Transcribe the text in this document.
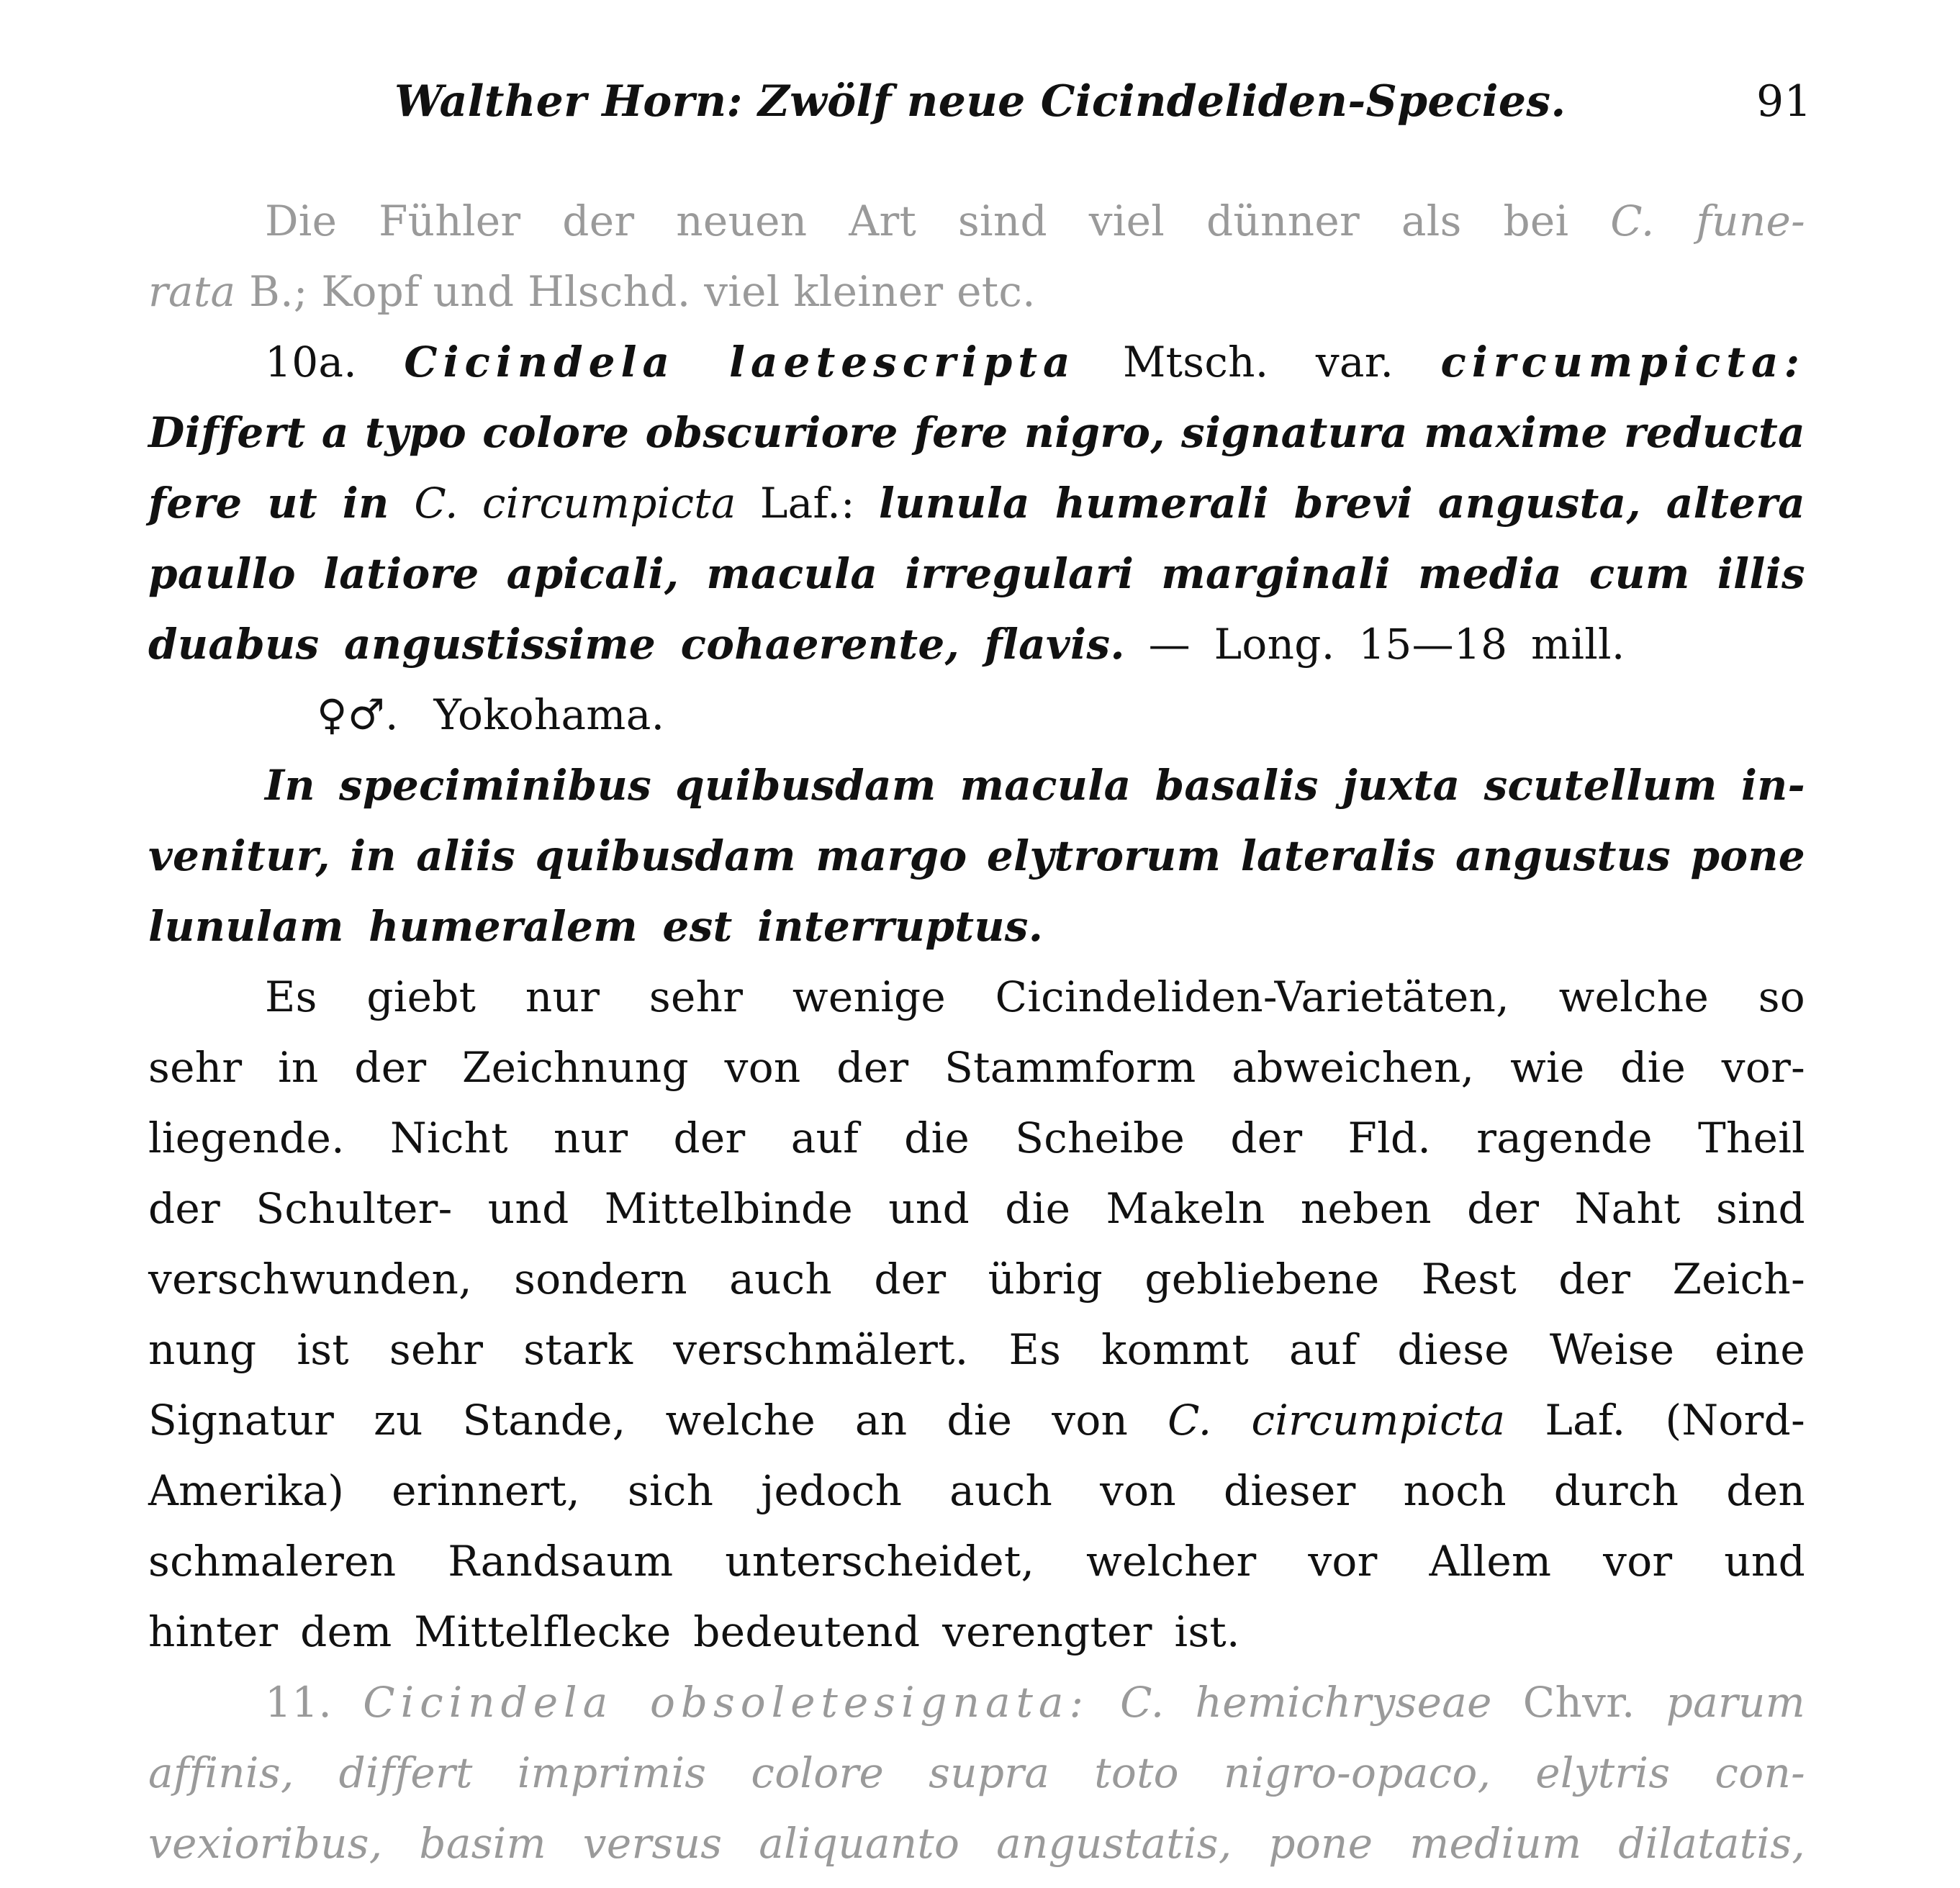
Walther Horn: Zwölf neue Cicindeliden-Species.	91
Die Fühler der neuen Art sind viel dünner als bei C. fune-
rata B.; Kopf und Hlschd. viel kleiner etc.
10a. Cicindela laetescripta Mtsch. var. circumpicta:
Differt a typo colore obscuriore fere nigro, signatura maxime reducta
fere ut in C. circumpicta Laf.: lunula humerali brevi angusta, altera
paullo latiore apicali, macula irregulari marginali media cum illis
duabus angustissime cohaerente, flavis. — Long. 15—18 mill.
♀♂. Yokohama.
In speciminibus quibusdam macula basalis juxta scutellum in-
venitur, in aliis quibusdam margo elytrorum lateralis angustus pone
lunulam humeralem est interruptus.
Es giebt nur sehr wenige Cicindeliden-Varietäten, welche so
sehr in der Zeichnung von der Stammform abweichen, wie die vor-
liegende. Nicht nur der auf die Scheibe der Fld. ragende Theil
der Schulter- und Mittelbinde und die Makeln neben der Naht sind
verschwunden, sondern auch der übrig gebliebene Rest der Zeich-
nung ist sehr stark verschmälert. Es kommt auf diese Weise eine
Signatur zu Stande, welche an die von C. circumpicta Laf. (Nord-
Amerika) erinnert, sich jedoch auch von dieser noch durch den
schmaleren Randsaum unterscheidet, welcher vor Allem vor und
hinter dem Mittelflecke bedeutend verengter ist.
11. Cicindela obsoletesignata: C. hemichryseae Chvr. parum
affinis, differt imprimis colore supra toto nigro-opaco, elytris con-
vexioribus, basim versus aliquanto angustatis, pone medium dilatatis,
